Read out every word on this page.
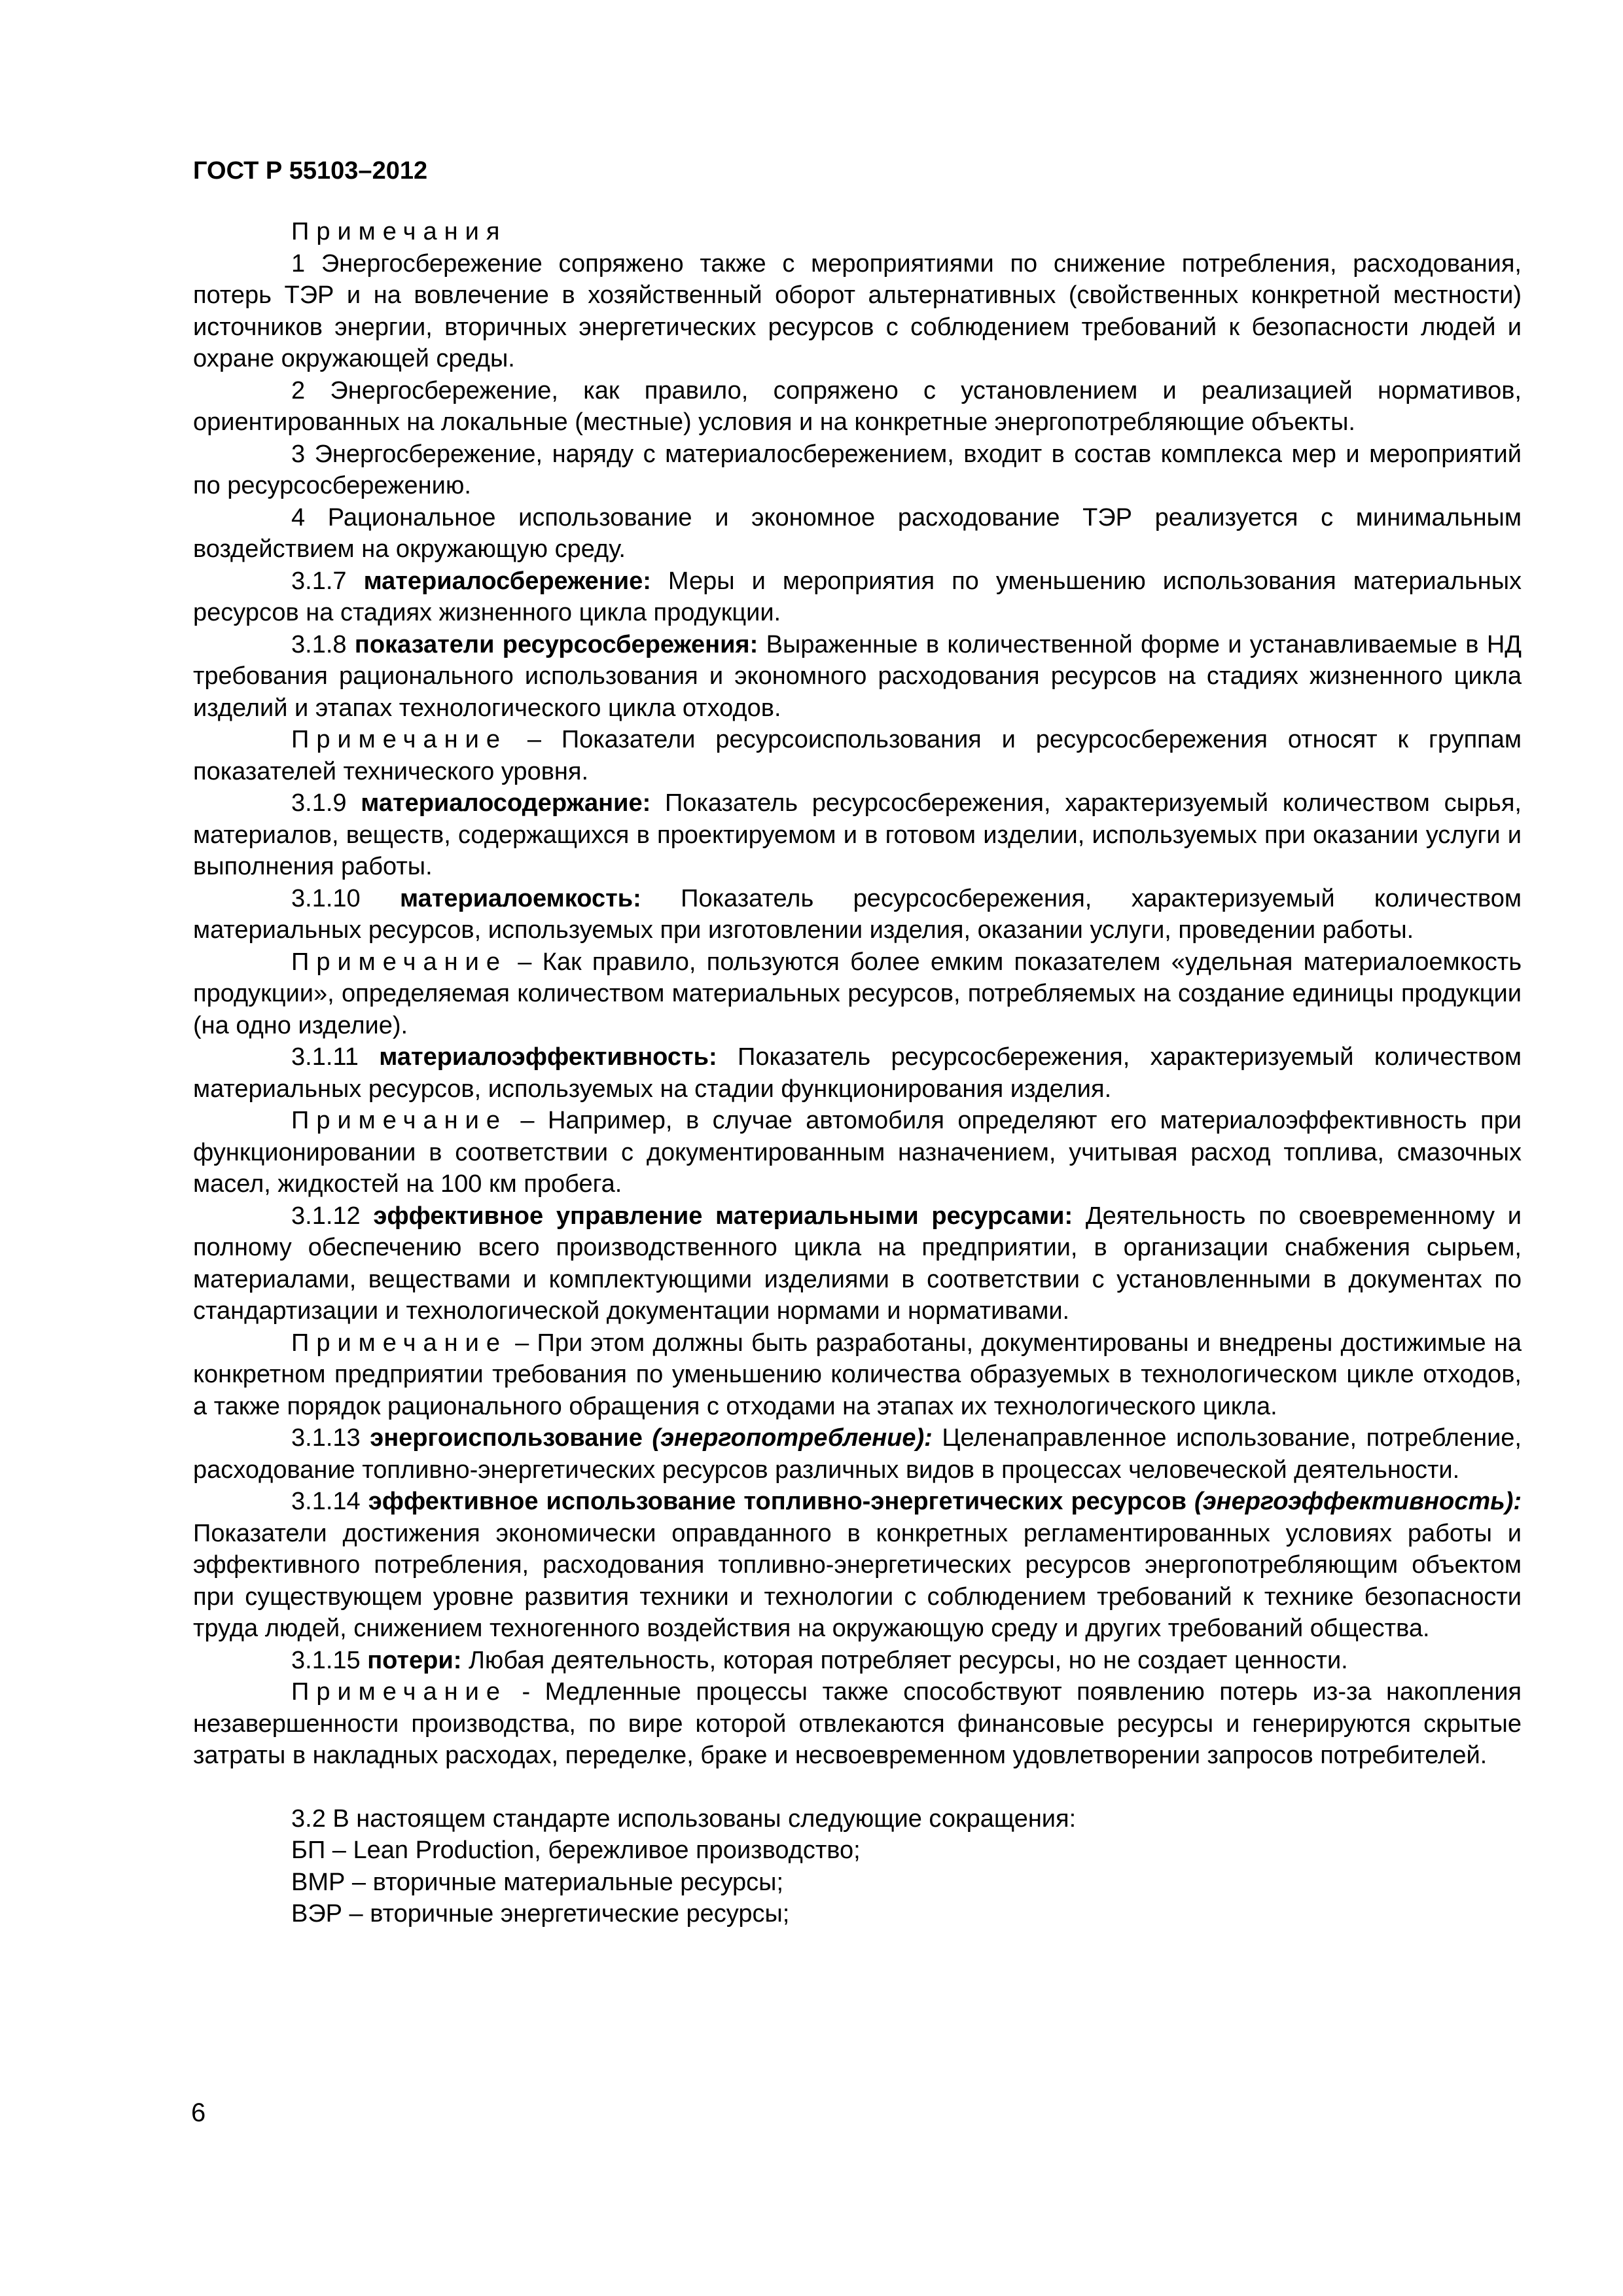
ГОСТ Р 55103–2012

Примечания

1 Энергосбережение сопряжено также с мероприятиями по снижение потребления, расходования, потерь ТЭР и на вовлечение в хозяйственный оборот альтернативных (свойственных конкретной местности) источников энергии, вторичных энергетических ресурсов с соблюдением требований к безопасности людей и охране окружающей среды.

2 Энергосбережение, как правило, сопряжено с установлением и реализацией нормативов, ориентированных на локальные (местные) условия и на конкретные энергопотребляющие объекты.

3 Энергосбережение, наряду с материалосбережением, входит в состав комплекса мер и мероприятий по ресурсосбережению.

4 Рациональное использование и экономное расходование ТЭР реализуется с минимальным воздействием на окружающую среду.

3.1.7 материалосбережение: Меры и мероприятия по уменьшению использования материальных ресурсов на стадиях жизненного цикла продукции.

3.1.8 показатели ресурсосбережения: Выраженные в количественной форме и устанавливаемые в НД требования рационального использования и экономного расходования ресурсов на стадиях жизненного цикла изделий и этапах технологического цикла отходов.

Примечание – Показатели ресурсоиспользования и ресурсосбережения относят к группам показателей технического уровня.

3.1.9 материалосодержание: Показатель ресурсосбережения, характеризуемый количеством сырья, материалов, веществ, содержащихся в проектируемом и в готовом изделии, используемых при оказании услуги и выполнения работы.

3.1.10 материалоемкость: Показатель ресурсосбережения, характеризуемый количеством материальных ресурсов, используемых при изготовлении изделия, оказании услуги, проведении работы.

Примечание – Как правило, пользуются более емким показателем «удельная материалоемкость продукции», определяемая количеством материальных ресурсов, потребляемых на создание единицы продукции (на одно изделие).

3.1.11 материалоэффективность: Показатель ресурсосбережения, характеризуемый количеством материальных ресурсов, используемых на стадии функционирования изделия.

Примечание – Например, в случае автомобиля определяют его материалоэффективность при функционировании в соответствии с документированным назначением, учитывая расход топлива, смазочных масел, жидкостей на 100 км пробега.

3.1.12 эффективное управление материальными ресурсами: Деятельность по своевременному и полному обеспечению всего производственного цикла на предприятии, в организации снабжения сырьем, материалами, веществами и комплектующими изделиями в соответствии с установленными в документах по стандартизации и технологической документации нормами и нормативами.

Примечание – При этом должны быть разработаны, документированы и внедрены достижимые на конкретном предприятии требования по уменьшению количества образуемых в технологическом цикле отходов, а также порядок рационального обращения с отходами на этапах их технологического цикла.

3.1.13 энергоиспользование (энергопотребление): Целенаправленное использование, потребление, расходование топливно-энергетических ресурсов различных видов в процессах человеческой деятельности.

3.1.14 эффективное использование топливно-энергетических ресурсов (энергоэффективность): Показатели достижения экономически оправданного в конкретных регламентированных условиях работы и эффективного потребления, расходования топливно-энергетических ресурсов энергопотребляющим объектом при существующем уровне развития техники и технологии с соблюдением требований к технике безопасности труда людей, снижением техногенного воздействия на окружающую среду и других требований общества.

3.1.15 потери: Любая деятельность, которая потребляет ресурсы, но не создает ценности.

Примечание - Медленные процессы также способствуют появлению потерь из-за накопления незавершенности производства, по вире которой отвлекаются финансовые ресурсы и генерируются скрытые затраты в накладных расходах, переделке, браке и несвоевременном удовлетворении запросов потребителей.

3.2 В настоящем стандарте использованы следующие сокращения:

БП – Lean Production, бережливое производство;

ВМР – вторичные материальные ресурсы;

ВЭР – вторичные энергетические ресурсы;

6
